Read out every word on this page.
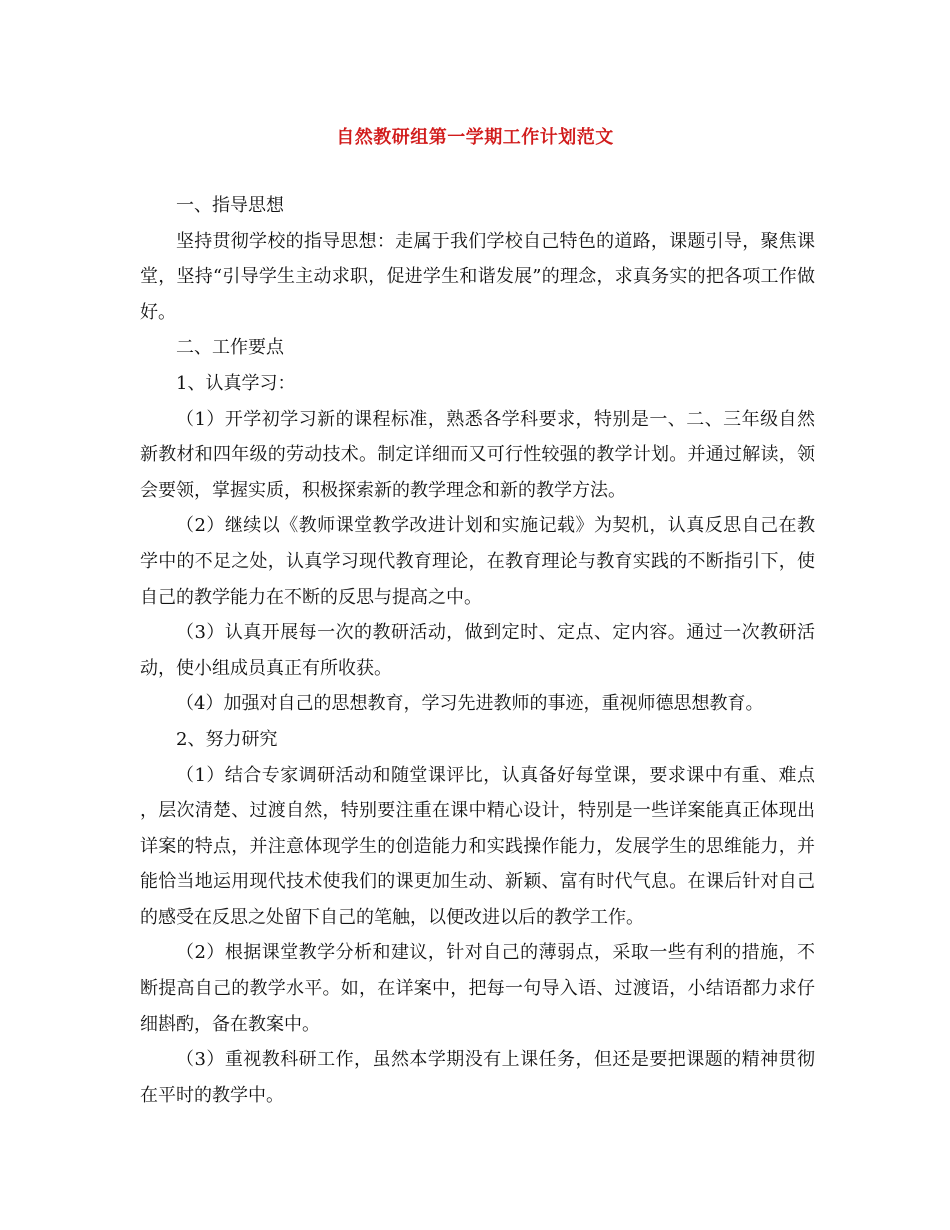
自然教研组第一学期工作计划范文

一、指导思想

坚持贯彻学校的指导思想：走属于我们学校自己特色的道路，课题引导，聚焦课堂，坚持“引导学生主动求职，促进学生和谐发展”的理念，求真务实的把各项工作做好。

二、工作要点

1、认真学习：

（1）开学初学习新的课程标准，熟悉各学科要求，特别是一、二、三年级自然新教材和四年级的劳动技术。制定详细而又可行性较强的教学计划。并通过解读，领会要领，掌握实质，积极探索新的教学理念和新的教学方法。

（2）继续以《教师课堂教学改进计划和实施记载》为契机，认真反思自己在教学中的不足之处，认真学习现代教育理论，在教育理论与教育实践的不断指引下，使自己的教学能力在不断的反思与提高之中。

（3）认真开展每一次的教研活动，做到定时、定点、定内容。通过一次教研活动，使小组成员真正有所收获。

（4）加强对自己的思想教育，学习先进教师的事迹，重视师德思想教育。

2、努力研究

（1）结合专家调研活动和随堂课评比，认真备好每堂课，要求课中有重、难点，层次清楚、过渡自然，特别要注重在课中精心设计，特别是一些详案能真正体现出详案的特点，并注意体现学生的创造能力和实践操作能力，发展学生的思维能力，并能恰当地运用现代技术使我们的课更加生动、新颖、富有时代气息。在课后针对自己的感受在反思之处留下自己的笔触，以便改进以后的教学工作。

（2）根据课堂教学分析和建议，针对自己的薄弱点，采取一些有利的措施，不断提高自己的教学水平。如，在详案中，把每一句导入语、过渡语，小结语都力求仔细斟酌，备在教案中。

（3）重视教科研工作，虽然本学期没有上课任务，但还是要把课题的精神贯彻在平时的教学中。
